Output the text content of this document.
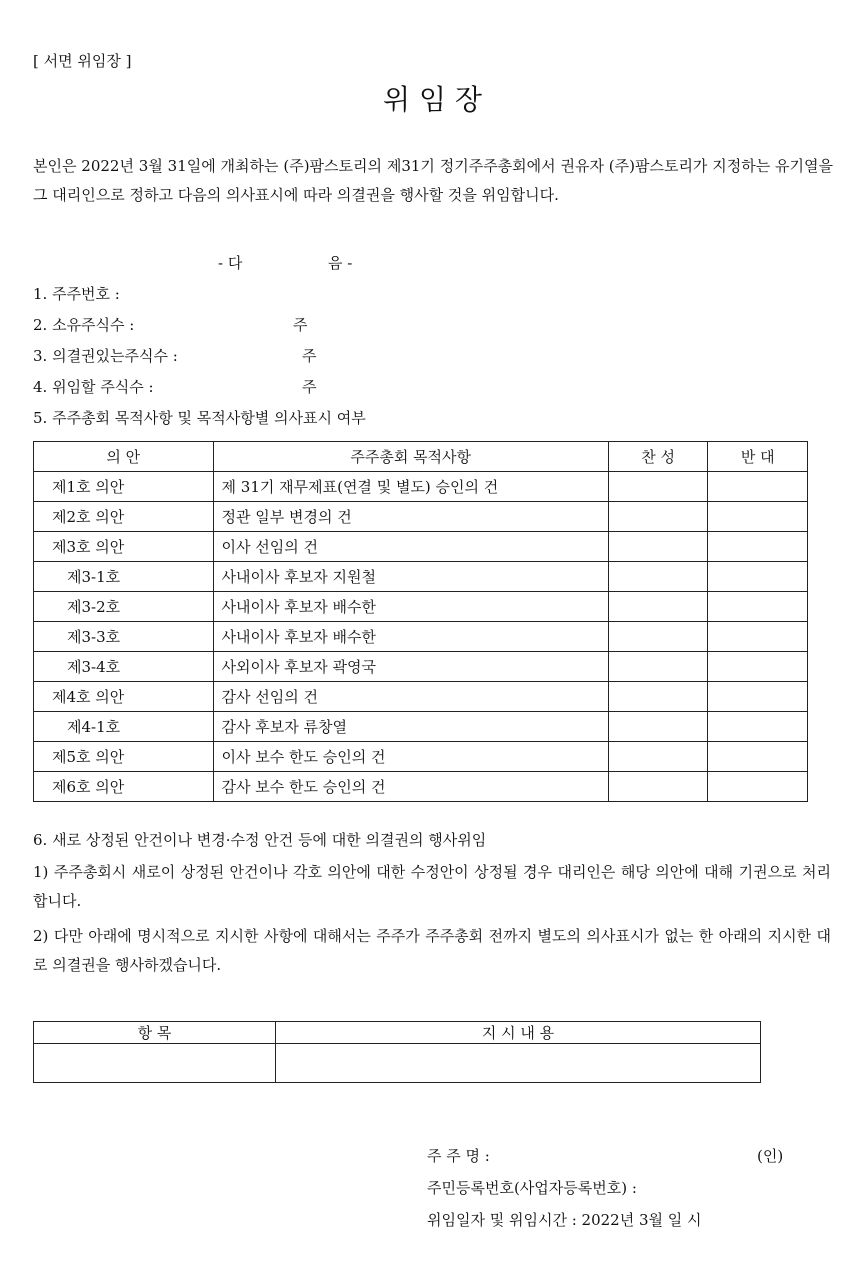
[ 서면 위임장 ]
위 임 장
본인은 2022년 3월 31일에 개최하는 (주)팜스토리의 제31기 정기주주총회에서 권유자 (주)팜스토리가 지정하는 유기열을 그 대리인으로 정하고 다음의 의사표시에 따라 의결권을 행사할 것을 위임합니다.
- 다	음 -
1. 주주번호 :
2. 소유주식수 :	주
3. 의결권있는주식수 :	주
4. 위임할 주식수 :	주
5. 주주총회 목적사항 및 목적사항별 의사표시 여부
의 안	주주총회 목적사항	찬 성	반 대
제1호 의안	제 31기 재무제표(연결 및 별도) 승인의 건		
제2호 의안	정관 일부 변경의 건		
제3호 의안	이사 선임의 건		
제3-1호	사내이사 후보자 지원철		
제3-2호	사내이사 후보자 배수한		
제3-3호	사내이사 후보자 배수한		
제3-4호	사외이사 후보자 곽영국		
제4호 의안	감사 선임의 건		
제4-1호	감사 후보자 류창열		
제5호 의안	이사 보수 한도 승인의 건		
제6호 의안	감사 보수 한도 승인의 건		
6. 새로 상정된 안건이나 변경·수정 안건 등에 대한 의결권의 행사위임
1) 주주총회시 새로이 상정된 안건이나 각호 의안에 대한 수정안이 상정될 경우 대리인은 해당 의안에 대해 기권으로 처리합니다.
2) 다만 아래에 명시적으로 지시한 사항에 대해서는 주주가 주주총회 전까지 별도의 의사표시가 없는 한 아래의 지시한 대로 의결권을 행사하겠습니다.
항 목	지 시 내 용

주 주 명 :	(인)
주민등록번호(사업자등록번호) :
위임일자 및 위임시간 : 2022년 3월 일 시
